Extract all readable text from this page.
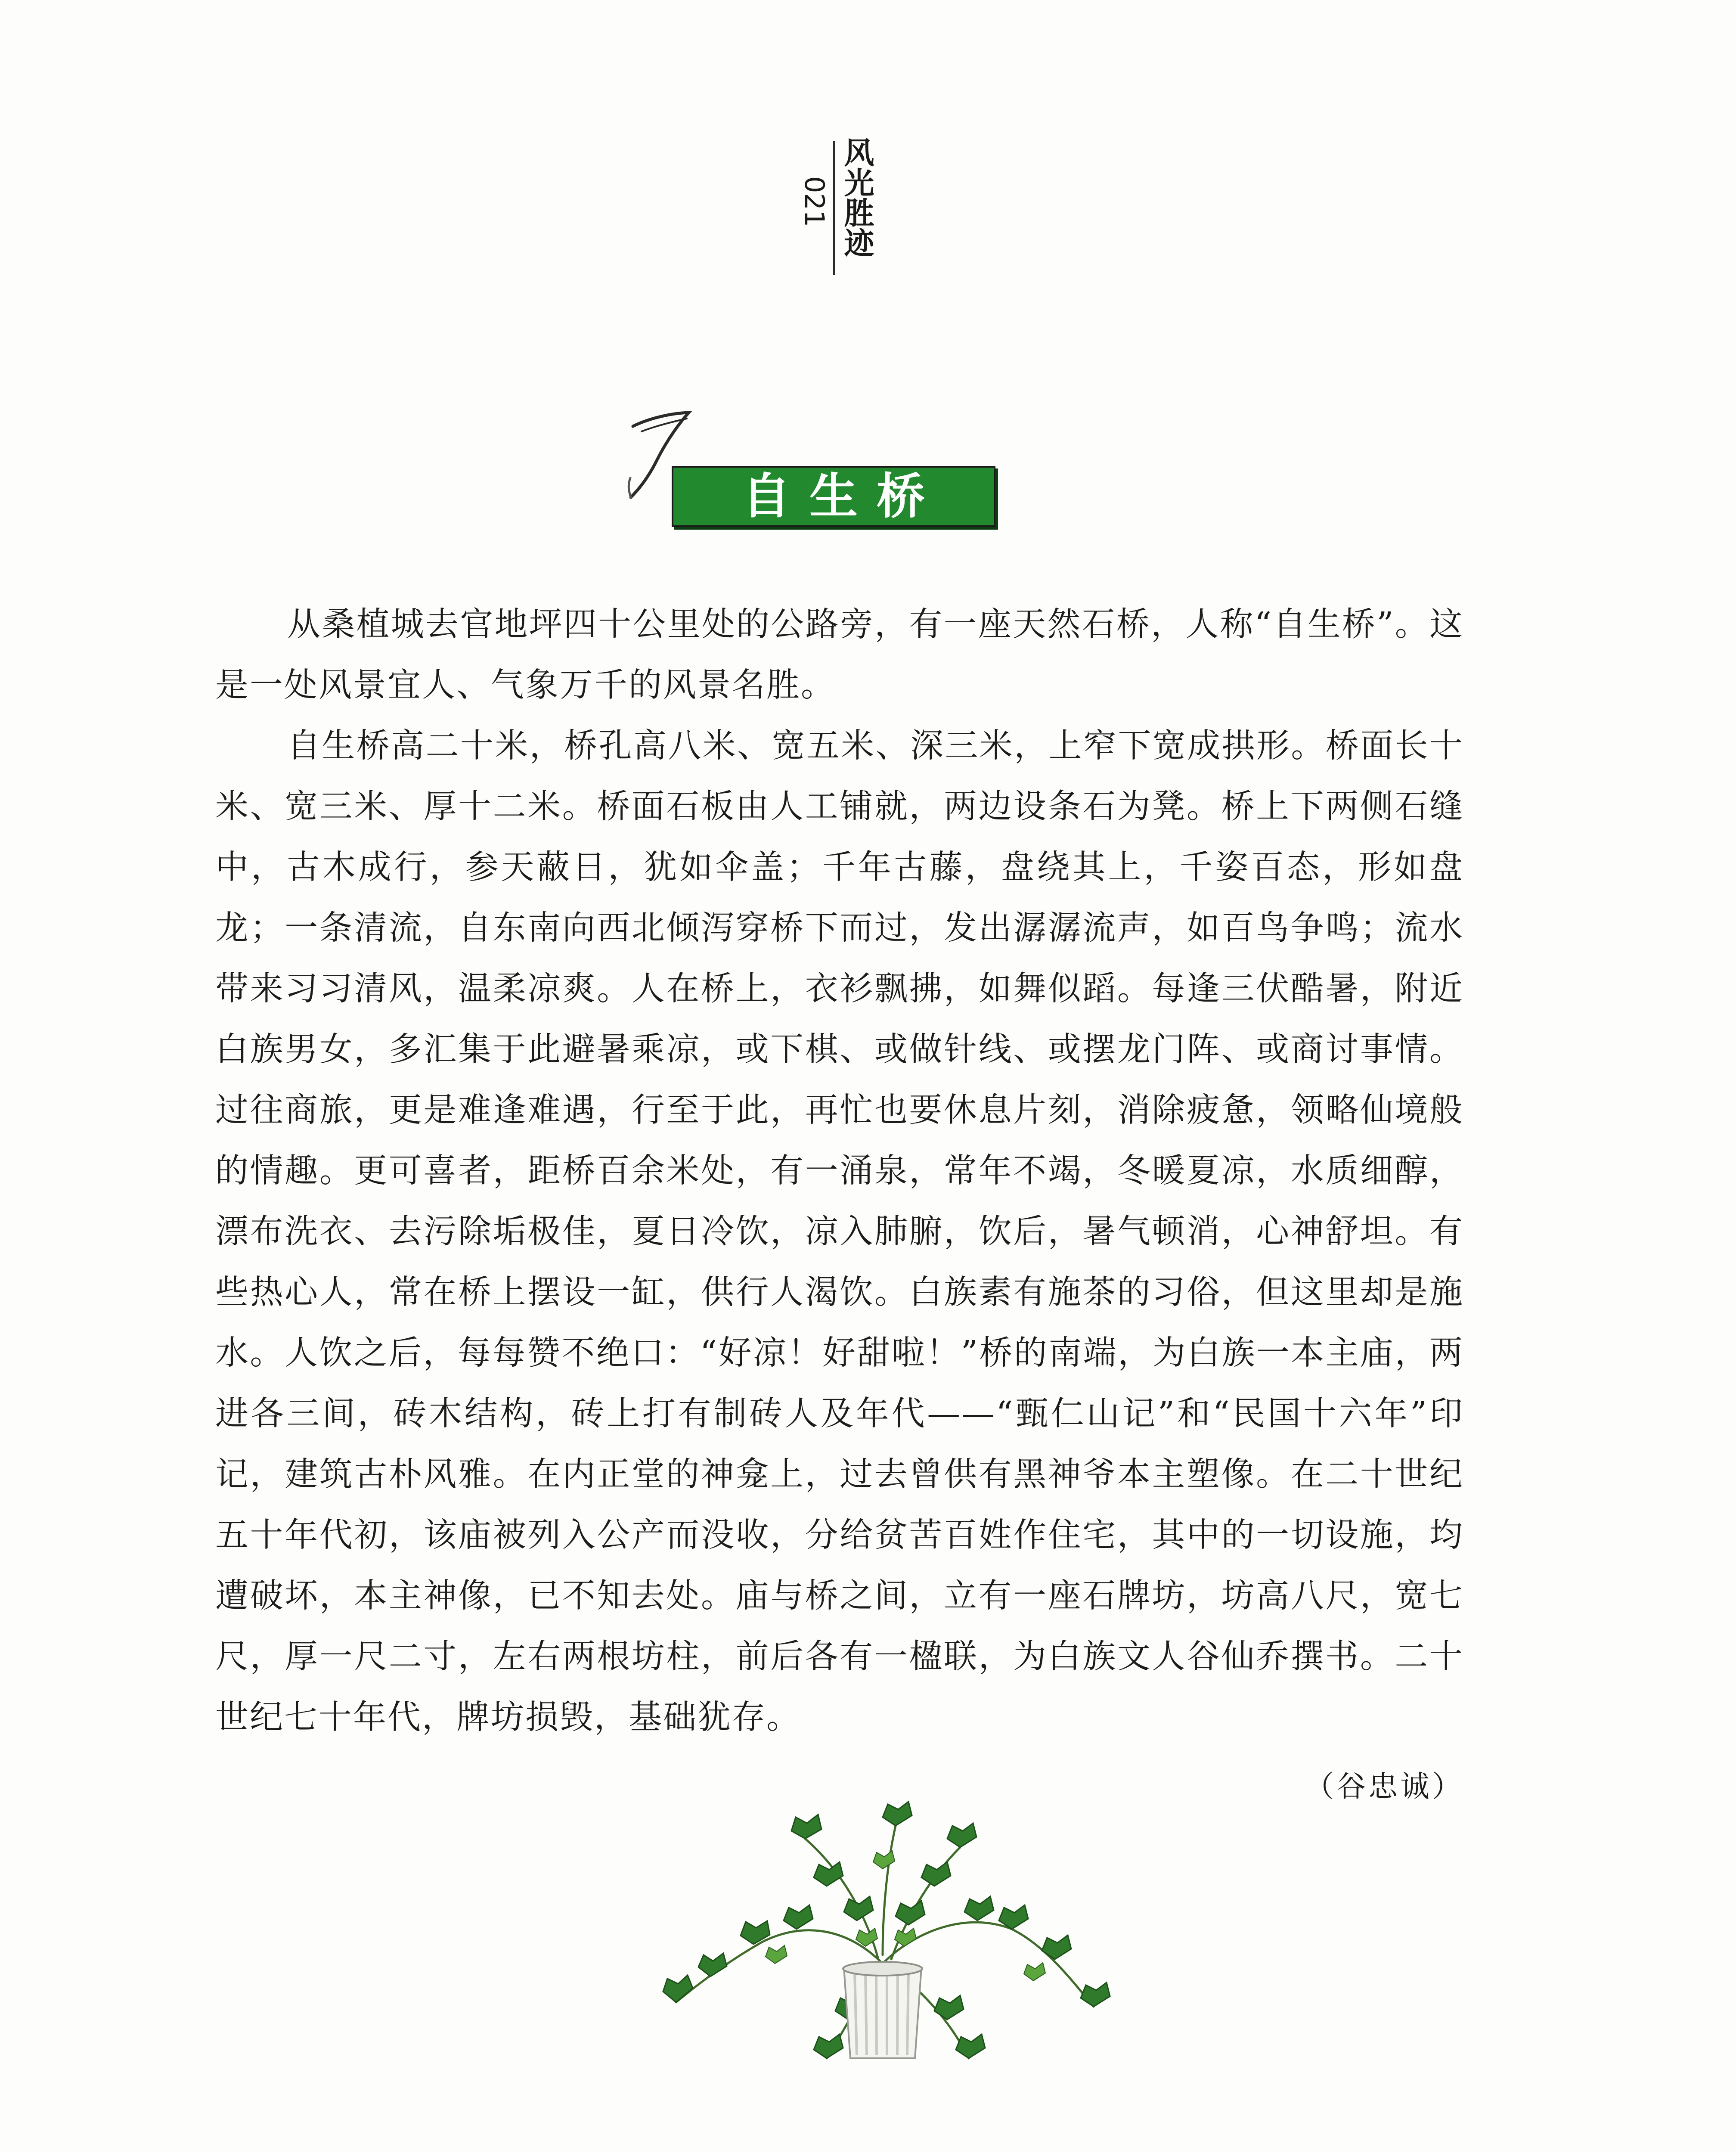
021 风光胜迹
自生桥

从桑植城去官地坪四十公里处的公路旁，有一座天然石桥，人称“自生桥”。这是一处风景宜人、气象万千的风景名胜。

自生桥高二十米，桥孔高八米、宽五米、深三米，上窄下宽成拱形。桥面长十米、宽三米、厚十二米。桥面石板由人工铺就，两边设条石为凳。桥上下两侧石缝中，古木成行，参天蔽日，犹如伞盖；千年古藤，盘绕其上，千姿百态，形如盘龙；一条清流，自东南向西北倾泻穿桥下而过，发出潺潺流声，如百鸟争鸣；流水带来习习清风，温柔凉爽。人在桥上，衣衫飘拂，如舞似蹈。每逢三伏酷暑，附近白族男女，多汇集于此避暑乘凉，或下棋、或做针线、或摆龙门阵、或商讨事情。过往商旅，更是难逢难遇，行至于此，再忙也要休息片刻，消除疲惫，领略仙境般的情趣。更可喜者，距桥百余米处，有一涌泉，常年不竭，冬暖夏凉，水质细醇，漂布洗衣、去污除垢极佳，夏日冷饮，凉入肺腑，饮后，暑气顿消，心神舒坦。有些热心人，常在桥上摆设一缸，供行人渴饮。白族素有施茶的习俗，但这里却是施水。人饮之后，每每赞不绝口：“好凉！好甜啦！”桥的南端，为白族一本主庙，两进各三间，砖木结构，砖上打有制砖人及年代——“甄仁山记”和“民国十六年”印记，建筑古朴风雅。在内正堂的神龛上，过去曾供有黑神爷本主塑像。在二十世纪五十年代初，该庙被列入公产而没收，分给贫苦百姓作住宅，其中的一切设施，均遭破坏，本主神像，已不知去处。庙与桥之间，立有一座石牌坊，坊高八尺，宽七尺，厚一尺二寸，左右两根坊柱，前后各有一楹联，为白族文人谷仙乔撰书。二十世纪七十年代，牌坊损毁，基础犹存。

（谷忠诚）
